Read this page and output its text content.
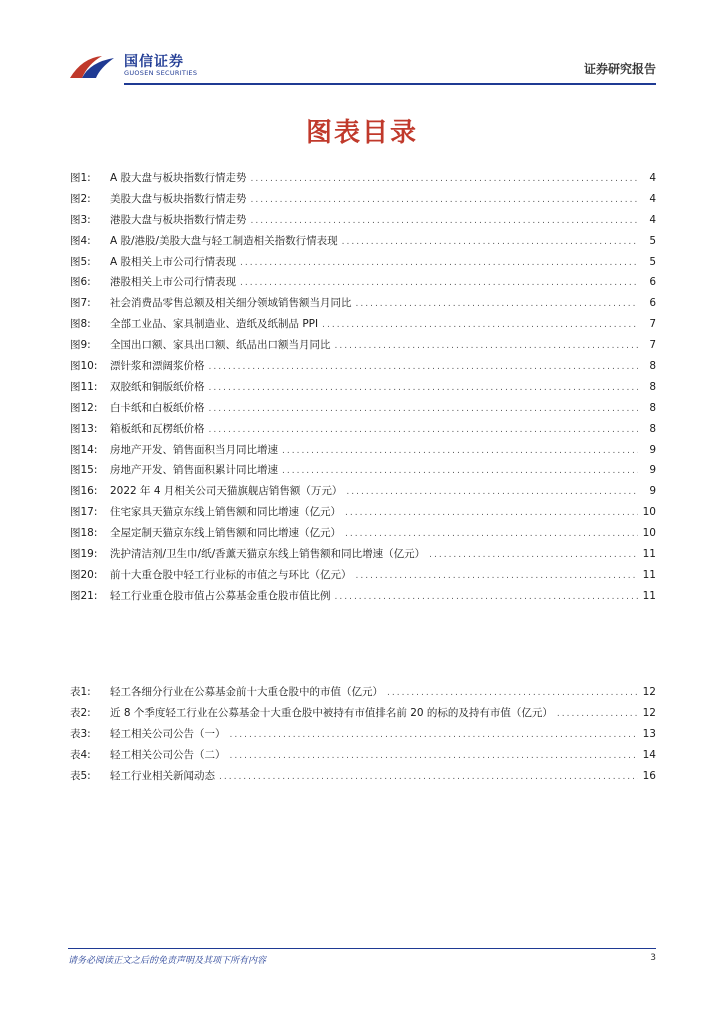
国信证券
GUOSEN SECURITIES	证券研究报告
图表目录
图1:	A 股大盘与板块指数行情走势 .....	4
图2:	美股大盘与板块指数行情走势 .....	4
图3:	港股大盘与板块指数行情走势 .....	4
图4:	A 股/港股/美股大盘与轻工制造相关指数行情表现 .....	5
图5:	A 股相关上市公司行情表现 .....	5
图6:	港股相关上市公司行情表现 .....	6
图7:	社会消费品零售总额及相关细分领域销售额当月同比 .....	6
图8:	全部工业品、家具制造业、造纸及纸制品 PPI .....	7
图9:	全国出口额、家具出口额、纸品出口额当月同比 .....	7
图10:	漂针浆和漂阔浆价格 .....	8
图11:	双胶纸和铜版纸价格 .....	8
图12:	白卡纸和白板纸价格 .....	8
图13:	箱板纸和瓦楞纸价格 .....	8
图14:	房地产开发、销售面积当月同比增速 .....	9
图15:	房地产开发、销售面积累计同比增速 .....	9
图16:	2022 年 4 月相关公司天猫旗舰店销售额（万元） .....	9
图17:	住宅家具天猫京东线上销售额和同比增速（亿元） .....	10
图18:	全屋定制天猫京东线上销售额和同比增速（亿元） .....	10
图19:	洗护清洁剂/卫生巾/纸/香薰天猫京东线上销售额和同比增速（亿元） .....	11
图20:	前十大重仓股中轻工行业标的市值之与环比（亿元） .....	11
图21:	轻工行业重仓股市值占公募基金重仓股市值比例 .....	11
表1:	轻工各细分行业在公募基金前十大重仓股中的市值（亿元） .....	12
表2:	近 8 个季度轻工行业在公募基金十大重仓股中被持有市值排名前 20 的标的及持有市值（亿元） .....	12
表3:	轻工相关公司公告（一） .....	13
表4:	轻工相关公司公告（二） .....	14
表5:	轻工行业相关新闻动态 .....	16
请务必阅读正文之后的免责声明及其项下所有内容	3
